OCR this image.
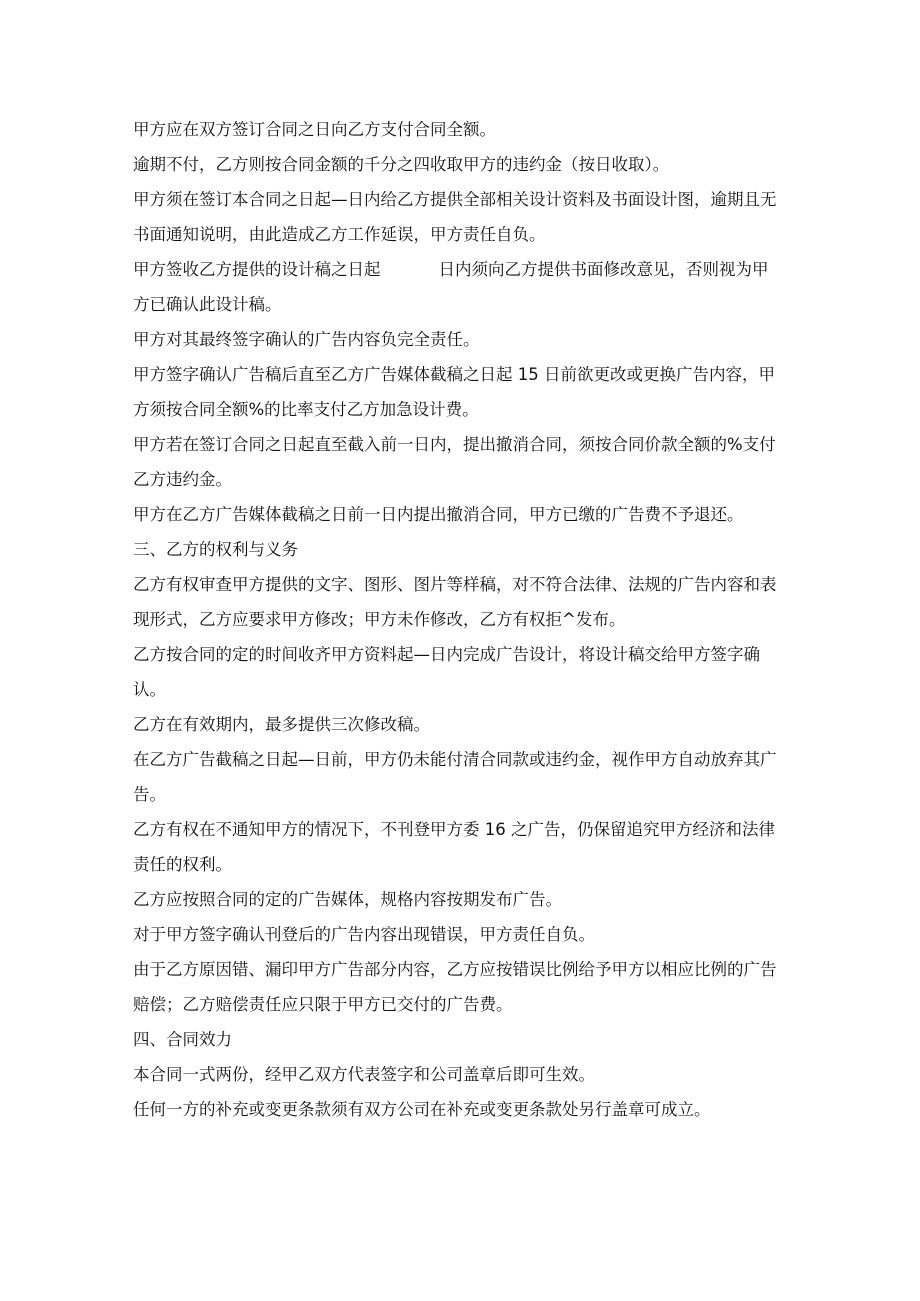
甲方应在双方签订合同之日向乙方支付合同全额。

逾期不付，乙方则按合同金额的千分之四收取甲方的违约金（按日收取）。

甲方须在签订本合同之日起—日内给乙方提供全部相关设计资料及书面设计图，逾期且无书面通知说明，由此造成乙方工作延误，甲方责任自负。

甲方签收乙方提供的设计稿之日起	日内须向乙方提供书面修改意见，否则视为甲方已确认此设计稿。

甲方对其最终签字确认的广告内容负完全责任。

甲方签字确认广告稿后直至乙方广告媒体截稿之日起 15 日前欲更改或更换广告内容，甲方须按合同全额%的比率支付乙方加急设计费。

甲方若在签订合同之日起直至截入前一日内，提出撤消合同，须按合同价款全额的%支付乙方违约金。

甲方在乙方广告媒体截稿之日前一日内提出撤消合同，甲方已缴的广告费不予退还。

三、乙方的权利与义务

乙方有权审查甲方提供的文字、图形、图片等样稿，对不符合法律、法规的广告内容和表现形式，乙方应要求甲方修改；甲方未作修改，乙方有权拒^发布。

乙方按合同的定的时间收齐甲方资料起—日内完成广告设计，将设计稿交给甲方签字确认。

乙方在有效期内，最多提供三次修改稿。

在乙方广告截稿之日起—日前，甲方仍未能付清合同款或违约金，视作甲方自动放弃其广告。

乙方有权在不通知甲方的情况下，不刊登甲方委 16 之广告，仍保留追究甲方经济和法律责任的权利。

乙方应按照合同的定的广告媒体，规格内容按期发布广告。

对于甲方签字确认刊登后的广告内容出现错误，甲方责任自负。

由于乙方原因错、漏印甲方广告部分内容，乙方应按错误比例给予甲方以相应比例的广告赔偿；乙方赔偿责任应只限于甲方已交付的广告费。

四、合同效力

本合同一式两份，经甲乙双方代表签字和公司盖章后即可生效。

任何一方的补充或变更条款须有双方公司在补充或变更条款处另行盖章可成立。
